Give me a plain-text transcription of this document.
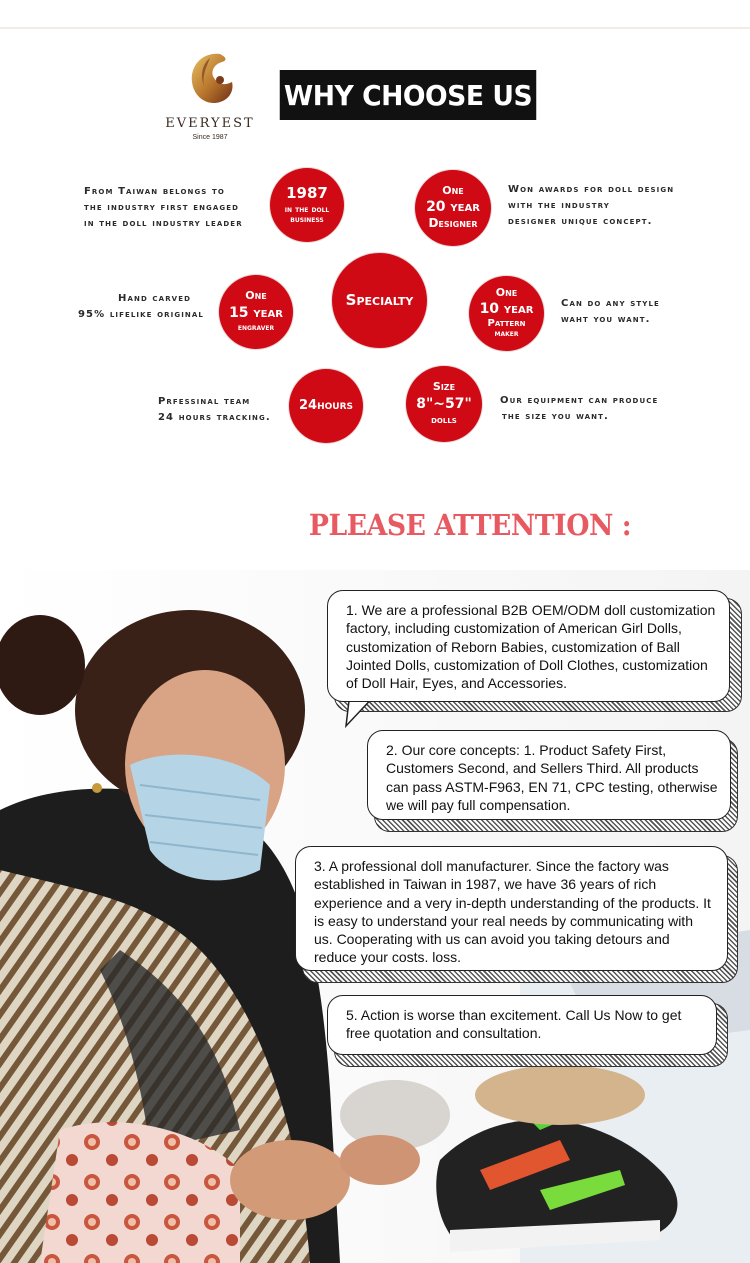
EVERYEST
Since 1987
WHY CHOOSE US
From Taiwan belongs to
the industry first engaged
in the doll industry leader
Won awards for doll design
with the industry
designer unique concept.
Hand carved
95% lifelike original
Can do any style
waht you want.
Prfessinal team
24 hours tracking.
Our equipment can produce
the size you want.
1987
in the doll
business
One
20 year
Designer
Specialty
One
15 year
engraver
One
10 year
Pattern
maker
24hours
Size
8"~57"
dolls
PLEASE ATTENTION :
1. We are a professional B2B OEM/ODM doll customization factory, including customization of American Girl Dolls, customization of Reborn Babies, customization of Ball Jointed Dolls, customization of Doll Clothes, customization of Doll Hair, Eyes, and Accessories.
2. Our core concepts: 1. Product Safety First, Customers Second, and Sellers Third. All products can pass ASTM-F963, EN 71, CPC testing, otherwise we will pay full compensation.
3. A professional doll manufacturer. Since the factory was established in Taiwan in 1987, we have 36 years of rich experience and a very in-depth understanding of the products. It is easy to understand your real needs by communicating with us. Cooperating with us can avoid you taking detours and reduce your costs. loss.
5. Action is worse than excitement. Call Us Now to get free quotation and consultation.
